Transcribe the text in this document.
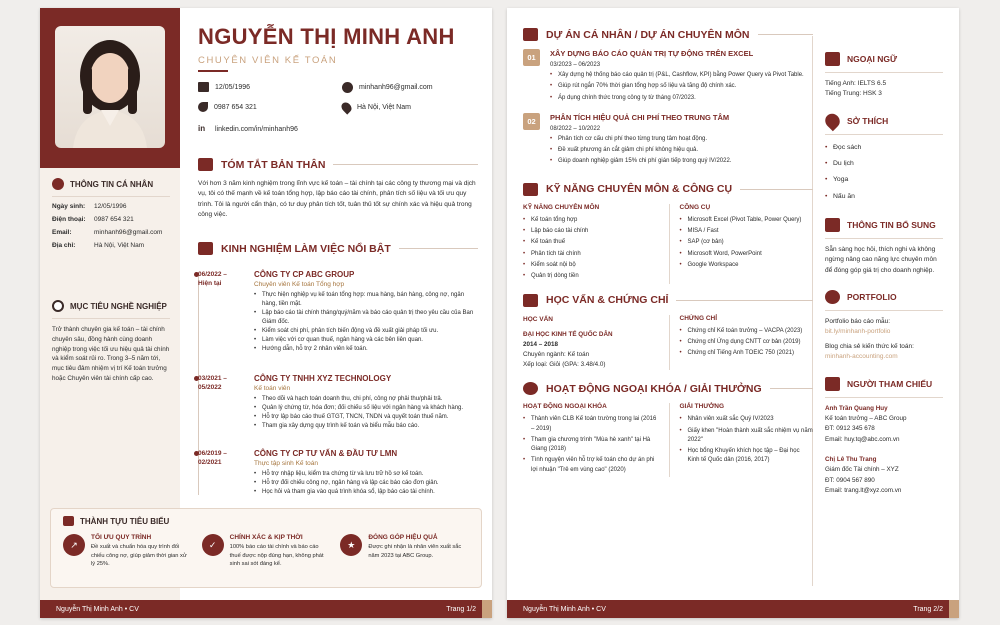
THÔNG TIN CÁ NHÂN
Ngày sinh:	12/05/1996
Điện thoại:	0987 654 321
Email:	minhanh96@gmail.com
Địa chỉ:	Hà Nội, Việt Nam
MỤC TIÊU NGHỀ NGHIỆP
Trở thành chuyên gia kế toán – tài chính chuyên sâu, đồng hành cùng doanh nghiệp trong việc tối ưu hiệu quả tài chính và kiểm soát rủi ro. Trong 3–5 năm tới, mục tiêu đảm nhiệm vị trí Kế toán trưởng hoặc Chuyên viên tài chính cấp cao.
NGUYỄN THỊ MINH ANH
CHUYÊN VIÊN KẾ TOÁN
12/05/1996
0987 654 321
in	linkedin.com/in/minhanh96
minhanh96@gmail.com
Hà Nội, Việt Nam
TÓM TẮT BẢN THÂN
Với hơn 3 năm kinh nghiệm trong lĩnh vực kế toán – tài chính tại các công ty thương mại và dịch vụ, tôi có thế mạnh về kế toán tổng hợp, lập báo cáo tài chính, phân tích số liệu và tối ưu quy trình. Tôi là người cẩn thận, có tư duy phân tích tốt, tuân thủ tốt sự chính xác và hiệu quả trong công việc.
KINH NGHIỆM LÀM VIỆC NỔI BẬT
06/2022 – Hiện tại
CÔNG TY CP ABC GROUP
Chuyên viên Kế toán Tổng hợp
• Thực hiện nghiệp vụ kế toán tổng hợp: mua hàng, bán hàng, công nợ, ngân hàng, tiền mặt.
• Lập báo cáo tài chính tháng/quý/năm và báo cáo quản trị theo yêu cầu của Ban Giám đốc.
• Kiểm soát chi phí, phân tích biến động và đề xuất giải pháp tối ưu.
• Làm việc với cơ quan thuế, ngân hàng và các bên liên quan.
• Hướng dẫn, hỗ trợ 2 nhân viên kế toán.
03/2021 – 05/2022
CÔNG TY TNHH XYZ TECHNOLOGY
Kế toán viên
• Theo dõi và hạch toán doanh thu, chi phí, công nợ phải thu/phải trả.
• Quản lý chứng từ, hóa đơn; đối chiếu số liệu với ngân hàng và khách hàng.
• Hỗ trợ lập báo cáo thuế GTGT, TNCN, TNDN và quyết toán thuế năm.
• Tham gia xây dựng quy trình kế toán và biểu mẫu báo cáo.
06/2019 – 02/2021
CÔNG TY CP TƯ VẤN & ĐẦU TƯ LMN
Thực tập sinh Kế toán
• Hỗ trợ nhập liệu, kiểm tra chứng từ và lưu trữ hồ sơ kế toán.
• Hỗ trợ đối chiếu công nợ, ngân hàng và lập các báo cáo đơn giản.
• Học hỏi và tham gia vào quá trình khóa sổ, lập báo cáo tài chính.
THÀNH TỰU TIÊU BIỂU
↗
TỐI ƯU QUY TRÌNH
Đề xuất và chuẩn hóa quy trình đối chiếu công nợ, giúp giảm thời gian xử lý 25%.
✓
CHÍNH XÁC & KỊP THỜI
100% báo cáo tài chính và báo cáo thuế được nộp đúng hạn, không phát sinh sai sót đáng kể.
★
ĐÓNG GÓP HIỆU QUẢ
Được ghi nhận là nhân viên xuất sắc năm 2023 tại ABC Group.
Nguyễn Thị Minh Anh • CV	Trang 1/2
DỰ ÁN CÁ NHÂN / DỰ ÁN CHUYÊN MÔN
01	XÂY DỰNG BÁO CÁO QUẢN TRỊ TỰ ĐỘNG TRÊN EXCEL
03/2023 – 06/2023
• Xây dựng hệ thống báo cáo quản trị (P&L, Cashflow, KPI) bằng Power Query và Pivot Table.
• Giúp rút ngắn 70% thời gian tổng hợp số liệu và tăng độ chính xác.
• Áp dụng chính thức trong công ty từ tháng 07/2023.
02	PHÂN TÍCH HIỆU QUẢ CHI PHÍ THEO TRUNG TÂM
08/2022 – 10/2022
• Phân tích cơ cấu chi phí theo từng trung tâm hoạt động.
• Đề xuất phương án cắt giảm chi phí không hiệu quả.
• Giúp doanh nghiệp giảm 15% chi phí gián tiếp trong quý IV/2022.
KỸ NĂNG CHUYÊN MÔN & CÔNG CỤ
KỸ NĂNG CHUYÊN MÔN
• Kế toán tổng hợp
• Lập báo cáo tài chính
• Kế toán thuế
• Phân tích tài chính
• Kiểm soát nội bộ
• Quản trị dòng tiền
CÔNG CỤ
• Microsoft Excel (Pivot Table, Power Query)
• MISA / Fast
• SAP (cơ bản)
• Microsoft Word, PowerPoint
• Google Workspace
HỌC VẤN & CHỨNG CHỈ
HỌC VẤN
ĐẠI HỌC KINH TẾ QUỐC DÂN
2014 – 2018
Chuyên ngành: Kế toán
Xếp loại: Giỏi (GPA: 3.48/4.0)
CHỨNG CHỈ
• Chứng chỉ Kế toán trưởng – VACPA (2023)
• Chứng chỉ Ứng dụng CNTT cơ bản (2019)
• Chứng chỉ Tiếng Anh TOEIC 750 (2021)
HOẠT ĐỘNG NGOẠI KHÓA / GIẢI THƯỞNG
HOẠT ĐỘNG NGOẠI KHÓA
• Thành viên CLB Kế toán trường trong lai (2016 – 2019)
• Tham gia chương trình "Mùa hè xanh" tại Hà Giang (2018)
• Tình nguyện viên hỗ trợ kế toán cho dự án phi lợi nhuận "Trẻ em vùng cao" (2020)
GIẢI THƯỞNG
• Nhân viên xuất sắc Quý IV/2023
• Giấy khen "Hoàn thành xuất sắc nhiệm vụ năm 2022"
• Học bổng Khuyến khích học tập – Đại học Kinh tế Quốc dân (2016, 2017)
NGOẠI NGỮ
Tiếng Anh: IELTS 6.5
Tiếng Trung: HSK 3
SỞ THÍCH
• Đọc sách
• Du lịch
• Yoga
• Nấu ăn
THÔNG TIN BỔ SUNG
Sẵn sàng học hỏi, thích nghi và không ngừng nâng cao năng lực chuyên môn để đóng góp giá trị cho doanh nghiệp.
PORTFOLIO
Portfolio báo cáo mẫu:
bit.ly/minhanh-portfolio
Blog chia sẻ kiến thức kế toán:
minhanh-accounting.com
NGƯỜI THAM CHIẾU
Anh Trần Quang Huy
Kế toán trưởng – ABC Group
ĐT: 0912 345 678
Email: huy.tq@abc.com.vn
Chị Lê Thu Trang
Giám đốc Tài chính – XYZ
ĐT: 0904 567 890
Email: trang.lt@xyz.com.vn
Nguyễn Thị Minh Anh • CV	Trang 2/2
